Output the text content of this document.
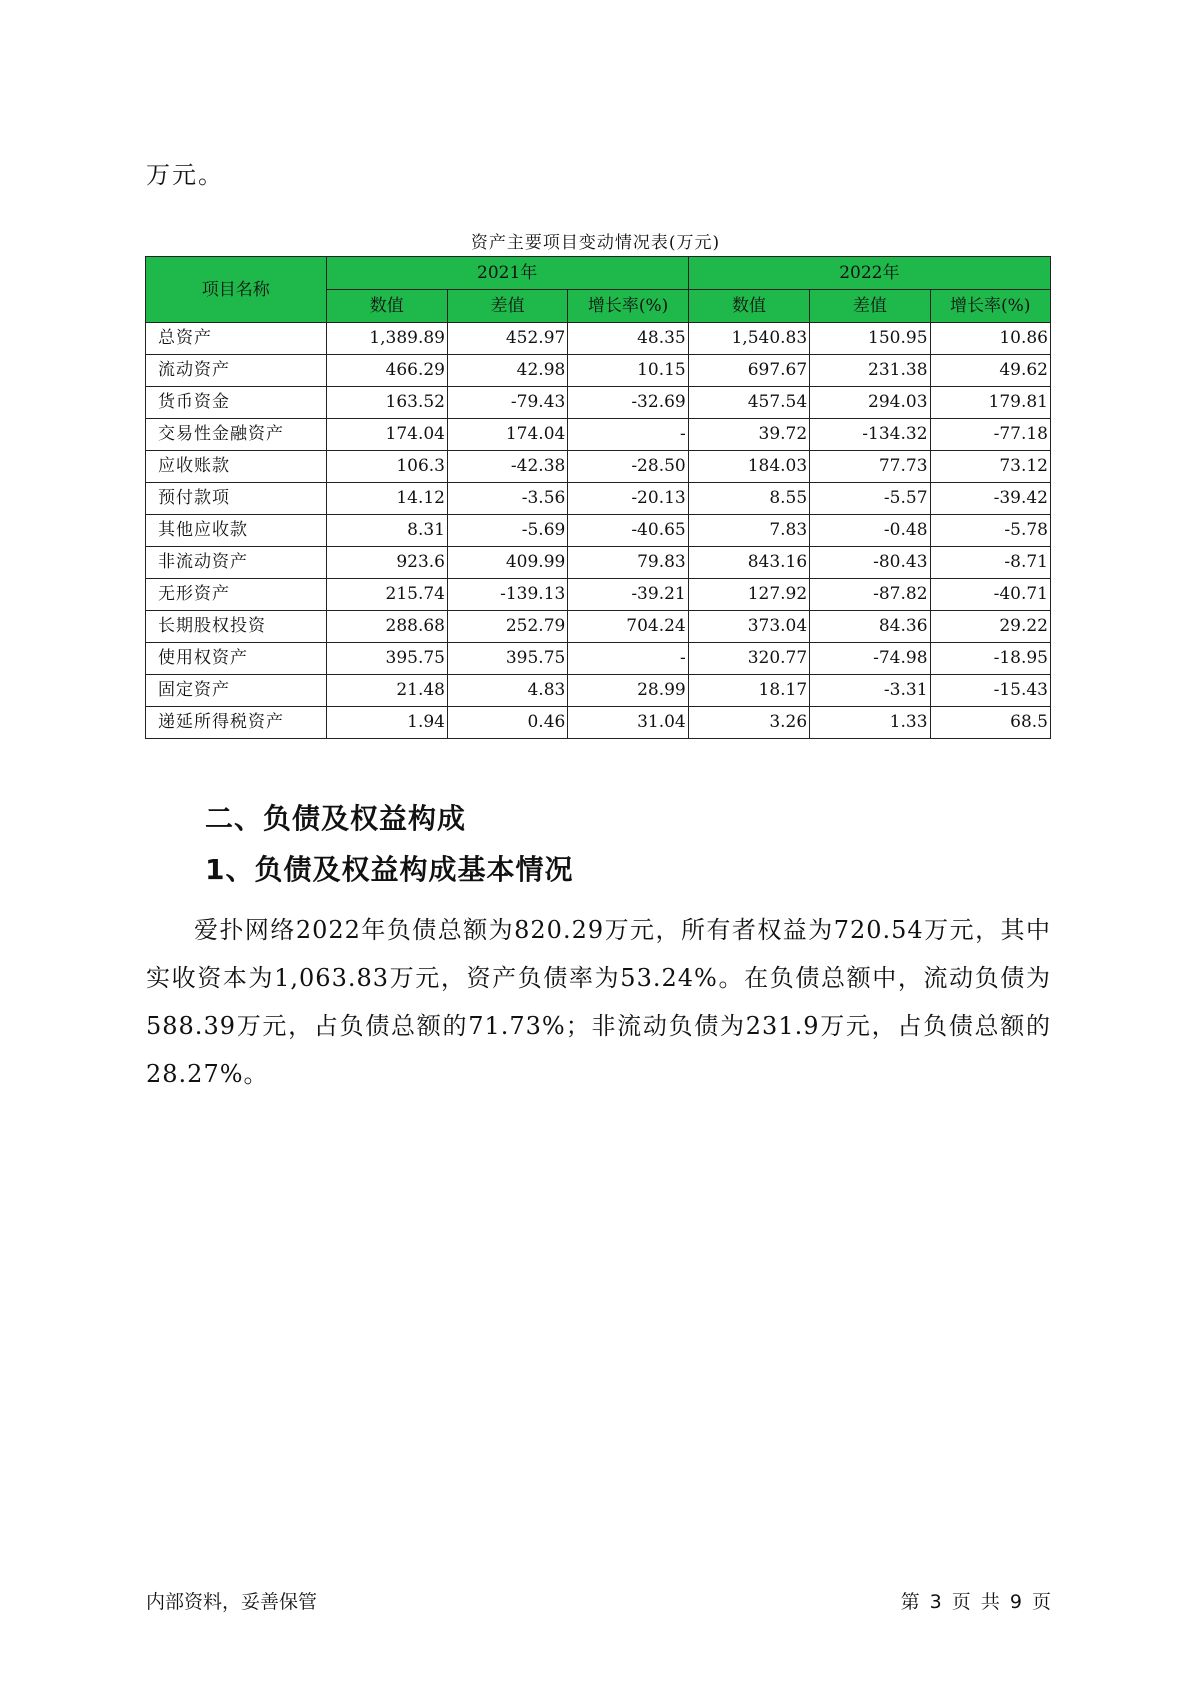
万元。
资产主要项目变动情况表(万元)
项目名称	2021年			2022年		
	数值	差值	增长率(%)	数值	差值	增长率(%)
总资产	1,389.89	452.97	48.35	1,540.83	150.95	10.86
流动资产	466.29	42.98	10.15	697.67	231.38	49.62
货币资金	163.52	-79.43	-32.69	457.54	294.03	179.81
交易性金融资产	174.04	174.04	-	39.72	-134.32	-77.18
应收账款	106.3	-42.38	-28.50	184.03	77.73	73.12
预付款项	14.12	-3.56	-20.13	8.55	-5.57	-39.42
其他应收款	8.31	-5.69	-40.65	7.83	-0.48	-5.78
非流动资产	923.6	409.99	79.83	843.16	-80.43	-8.71
无形资产	215.74	-139.13	-39.21	127.92	-87.82	-40.71
长期股权投资	288.68	252.79	704.24	373.04	84.36	29.22
使用权资产	395.75	395.75	-	320.77	-74.98	-18.95
固定资产	21.48	4.83	28.99	18.17	-3.31	-15.43
递延所得税资产	1.94	0.46	31.04	3.26	1.33	68.5
二、负债及权益构成
1、负债及权益构成基本情况
爱扑网络2022年负债总额为820.29万元，所有者权益为720.54万元，其中实收资本为1,063.83万元，资产负债率为53.24%。在负债总额中，流动负债为588.39万元，占负债总额的71.73%；非流动负债为231.9万元，占负债总额的28.27%。
内部资料，妥善保管	第 3 页 共 9 页
